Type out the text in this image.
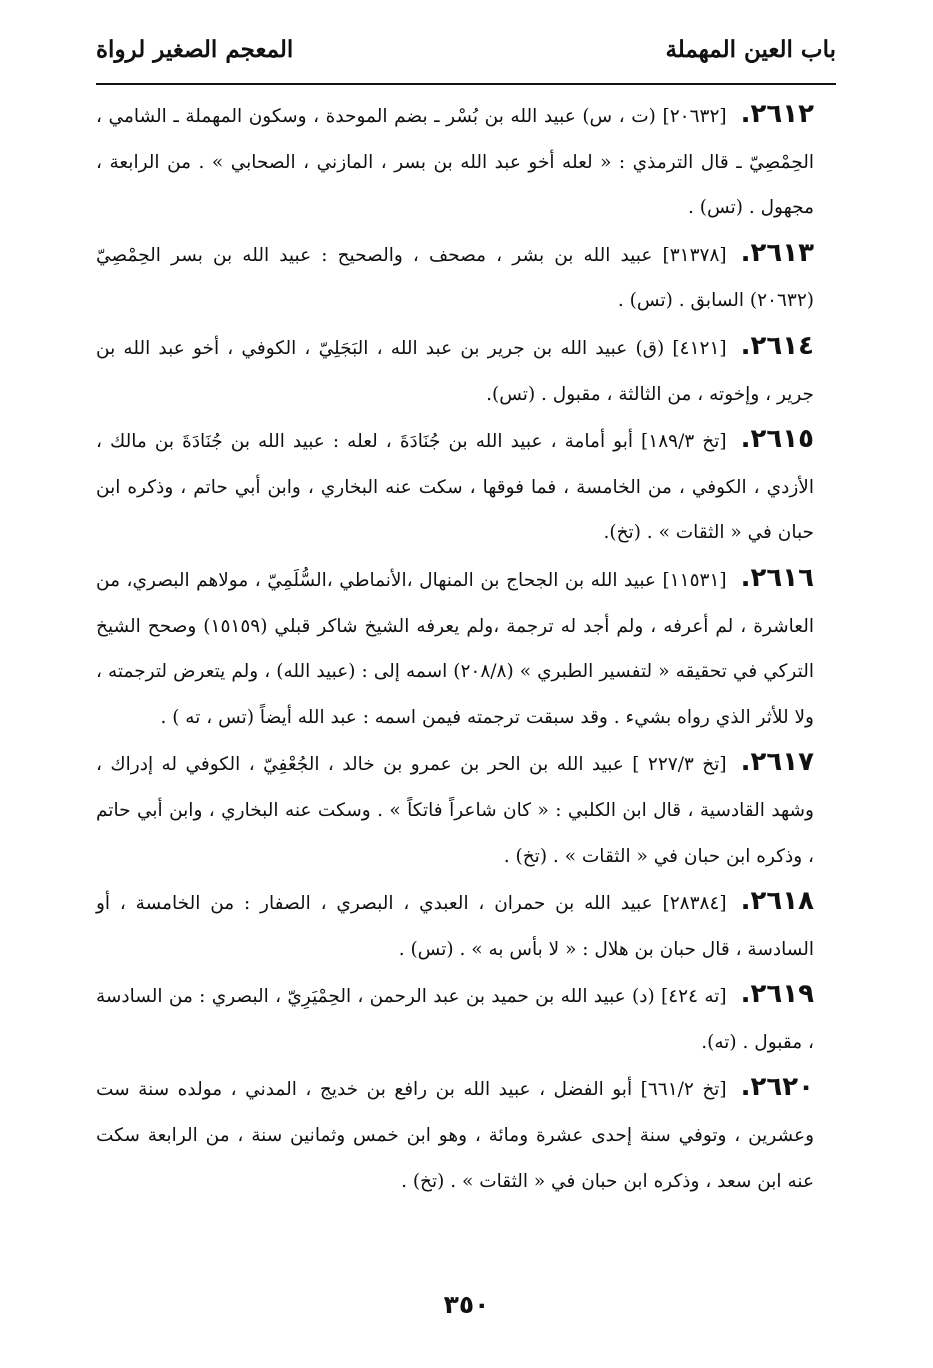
باب العين المهملة
المعجم الصغير لرواة

٢٦١٢.[٢٠٦٣٢] (ت ، س) عبيد الله بن بُسْر ـ بضم الموحدة ، وسكون المهملة ـ الشامي ، الحِمْصِيّ ـ قال الترمذي : « لعله أخو عبد الله بن بسر ، المازني ، الصحابي » . من الرابعة ، مجهول . (تس) .

٢٦١٣.[٣١٣٧٨] عبيد الله بن بشر ، مصحف ، والصحيح : عبيد الله بن بسر الحِمْصِيّ (٢٠٦٣٢) السابق . (تس) .

٢٦١٤.[٤١٢١] (ق) عبيد الله بن جرير بن عبد الله ، البَجَلِيّ ، الكوفي ، أخو عبد الله بن جرير ، وإخوته ، من الثالثة ، مقبول . (تس).

٢٦١٥.[تخ ١٨٩/٣] أبو أمامة ، عبيد الله بن جُنَادَةَ ، لعله : عبيد الله بن جُنَادَةَ بن مالك ، الأزدي ، الكوفي ، من الخامسة ، فما فوقها ، سكت عنه البخاري ، وابن أبي حاتم ، وذكره ابن حبان في « الثقات » . (تخ).

٢٦١٦.[١١٥٣١] عبيد الله بن الجحاج بن المنهال ،الأنماطي ،السُّلَمِيّ ، مولاهم البصري، من العاشرة ، لم أعرفه ، ولم أجد له ترجمة ،ولم يعرفه الشيخ شاكر قبلي (١٥١٥٩) وصحح الشيخ التركي في تحقيقه « لتفسير الطبري » (٢٠٨/٨) اسمه إلى : (عبيد الله) ، ولم يتعرض لترجمته ، ولا للأثر الذي رواه بشيء . وقد سبقت ترجمته فيمن اسمه : عبد الله أيضاً (تس ، ته ) .

٢٦١٧.[تخ ٢٢٧/٣ ] عبيد الله بن الحر بن عمرو بن خالد ، الجُعْفِيّ ، الكوفي له إدراك ، وشهد القادسية ، قال ابن الكلبي : « كان شاعراً فاتكاً » . وسكت عنه البخاري ، وابن أبي حاتم ، وذكره ابن حبان في « الثقات » . (تخ) .

٢٦١٨.[٢٨٣٨٤] عبيد الله بن حمران ، العبدي ، البصري ، الصفار : من الخامسة ، أو السادسة ، قال حبان بن هلال : « لا بأس به » . (تس) .

٢٦١٩.[ته ٤٢٤] (د) عبيد الله بن حميد بن عبد الرحمن ، الحِمْيَرِيّ ، البصري : من السادسة ، مقبول . (ته).

٢٦٢٠.[تخ ٦٦١/٢] أبو الفضل ، عبيد الله بن رافع بن خديج ، المدني ، مولده سنة ست وعشرين ، وتوفي سنة إحدى عشرة ومائة ، وهو ابن خمس وثمانين سنة ، من الرابعة سكت عنه ابن سعد ، وذكره ابن حبان في « الثقات » . (تخ) .

٣٥٠
